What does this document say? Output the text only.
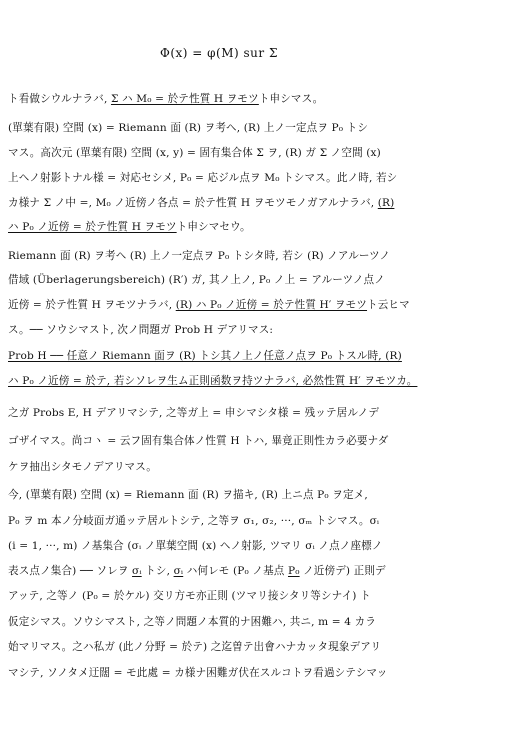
Φ(x) = φ(M) sur Σ
ト看做シウルナラバ, Σ ハ M₀ = 於テ性質 H ヲモツト申シマス。
(單葉有限) 空間 (x) = Riemann 面 (R) ヲ考ヘ, (R) 上ノ一定点ヲ P₀ トシ
マス。高次元 (單葉有限) 空間 (x, y) = 固有集合体 Σ ヲ, (R) ガ Σ ノ空間 (x)
上ヘノ射影トナル様 = 対応セシメ, P₀ = 応ジル点ヲ M₀ トシマス。此ノ時, 若シ
カ様ナ Σ ノ中 =, M₀ ノ近傍ノ各点 = 於テ性質 H ヲモツモノガアルナラバ, (R)
ハ P₀ ノ近傍 = 於テ性質 H ヲモツト申シマセウ。
Riemann 面 (R) ヲ考ヘ (R) 上ノ一定点ヲ P₀ トシタ時, 若シ (R) ノアルーツノ
借域 (Überlagerungsbereich) (R′) ガ, 其ノ上ノ, P₀ ノ上 = アルーツノ点ノ
近傍 = 於テ性質 H ヲモツナラバ, (R) ハ P₀ ノ近傍 = 於テ性質 H′ ヲモツト云ヒマ
ス。── ソウシマスト, 次ノ問題ガ Prob H デアリマス:
Prob H ── 任意ノ Riemann 面ヲ (R) トシ其ノ上ノ任意ノ点ヲ P₀ トスル時, (R)
ハ P₀ ノ近傍 = 於テ, 若シソレヲ生ム正則函数ヲ持ツナラバ, 必然性質 H′ ヲモツカ。
之ガ Probs E, H デアリマシテ, 之等ガ上 = 申シマシタ様 = 残ッテ居ルノデ
ゴザイマス。尚コヽ = 云フ固有集合体ノ性質 H トハ, 畢竟正則性カラ必要ナダ
ケヲ抽出シタモノデアリマス。
今, (單葉有限) 空間 (x) = Riemann 面 (R) ヲ描キ, (R) 上ニ点 P₀ ヲ定メ,
P₀ ヲ m 本ノ分岐面ガ通ッテ居ルトシテ, 之等ヲ σ₁, σ₂, ···, σₘ トシマス。σᵢ
(i = 1, ···, m) ノ基集合 (σᵢ ノ單葉空間 (x) ヘノ射影, ツマリ σᵢ ノ点ノ座標ノ
表ス点ノ集合) ── ソレヲ σᵢ トシ, σᵢ ハ何レモ (P₀ ノ基点 P₀ ノ近傍デ) 正則デ
アッテ, 之等ノ (P₀ = 於ケル) 交リ方モ亦正則 (ツマリ接シタリ等シナイ) ト
仮定シマス。ソウシマスト, 之等ノ問題ノ本質的ナ困難ハ, 共ニ, m = 4 カラ
始マリマス。之ハ私ガ (此ノ分野 = 於テ) 之迄曽テ出會ハナカッタ現象デアリ
マシテ, ソノタメ迂闊 = モ此處 = カ様ナ困難ガ伏在スルコトヲ看過シテシマッ
